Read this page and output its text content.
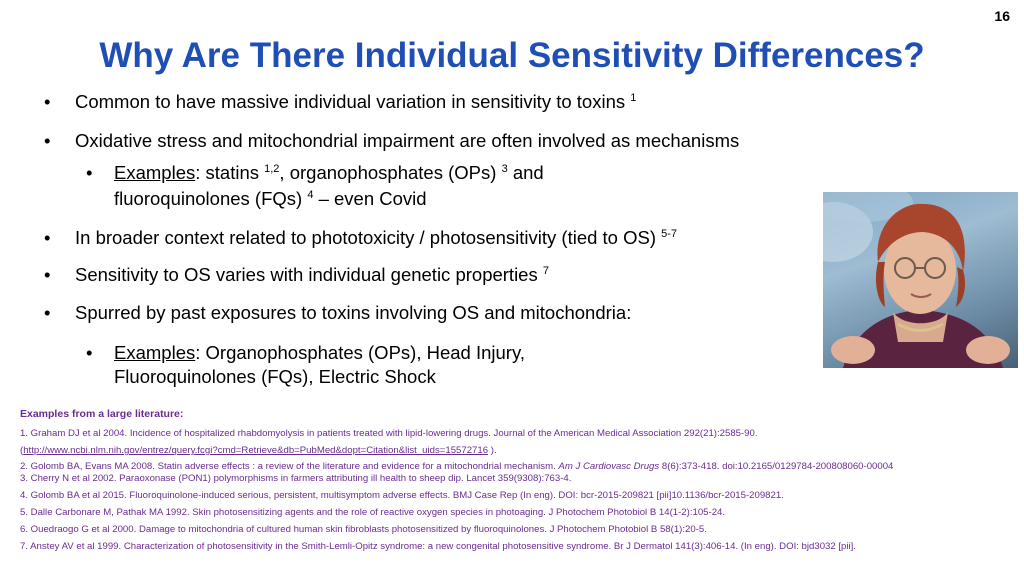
16
Why Are There Individual Sensitivity Differences?
• Common to have massive individual variation in sensitivity to toxins $^1$
• Oxidative stress and mitochondrial impairment are often involved as mechanisms
• Examples: statins $^{1,2}$, organophosphates (OPs) $^3$ and
fluoroquinolones (FQs) $^4$ – even Covid
• In broader context related to phototoxicity / photosensitivity (tied to OS) $^{5-7}$
• Sensitivity to OS varies with individual genetic properties $^7$
• Spurred by past exposures to toxins involving OS and mitochondria:
• Examples: Organophosphates (OPs), Head Injury,
Fluoroquinolones (FQs), Electric Shock
Examples from a large literature:
1. Graham DJ et al 2004. Incidence of hospitalized rhabdomyolysis in patients treated with lipid-lowering drugs. Journal of the American Medical Association 292(21):2585-90.
(http://www.ncbi.nlm.nih.gov/entrez/query.fcgi?cmd=Retrieve&db=PubMed&dopt=Citation&list_uids=15572716 ).
2. Golomb BA, Evans MA 2008. Statin adverse effects : a review of the literature and evidence for a mitochondrial mechanism. Am J Cardiovasc Drugs 8(6):373-418. doi:10.2165/0129784-200808060-00004
3. Cherry N et al 2002. Paraoxonase (PON1) polymorphisms in farmers attributing ill health to sheep dip. Lancet 359(9308):763-4.
4. Golomb BA et al 2015. Fluoroquinolone-induced serious, persistent, multisymptom adverse effects. BMJ Case Rep (In eng). DOI: bcr-2015-209821 [pii]10.1136/bcr-2015-209821.
5. Dalle Carbonare M, Pathak MA 1992. Skin photosensitizing agents and the role of reactive oxygen species in photoaging. J Photochem Photobiol B 14(1-2):105-24.
6. Ouedraogo G et al 2000. Damage to mitochondria of cultured human skin fibroblasts photosensitized by fluoroquinolones. J Photochem Photobiol B 58(1):20-5.
7. Anstey AV et al 1999. Characterization of photosensitivity in the Smith-Lemli-Opitz syndrome: a new congenital photosensitive syndrome. Br J Dermatol 141(3):406-14. (In eng). DOI: bjd3032 [pii].
